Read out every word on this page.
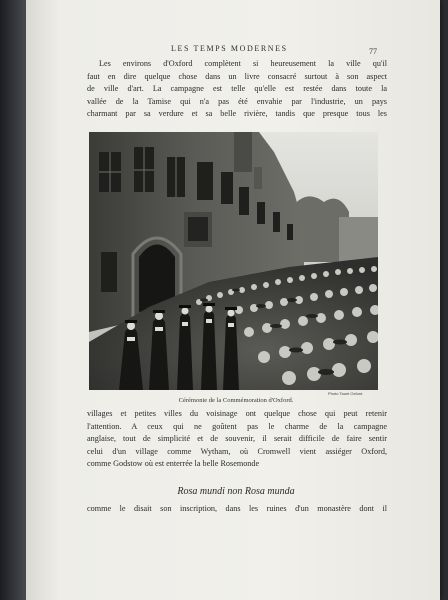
LES TEMPS MODERNES	77
Les environs d'Oxford complètent si heureusement la ville qu'il
faut en dire quelque chose dans un livre consacré surtout à son aspect
de ville d'art. La campagne est telle qu'elle est restée dans toute la
vallée de la Tamise qui n'a pas été envahie par l'industrie, un pays
charmant par sa verdure et sa belle rivière, tandis que presque tous les
Photo Taunt Oxford
Cérémonie de la Commémoration d'Oxford.
villages et petites villes du voisinage ont quelque chose qui peut retenir
l'attention. A ceux qui ne goûtent pas le charme de la campagne
anglaise, tout de simplicité et de souvenir, il serait difficile de faire sentir
celui d'un village comme Wytham, où Cromwell vient assiéger Oxford,
comme Godstow où est enterrée la belle Rosemonde
Rosa mundi non Rosa munda
comme le disait son inscription, dans les ruines d'un monastère dont il
